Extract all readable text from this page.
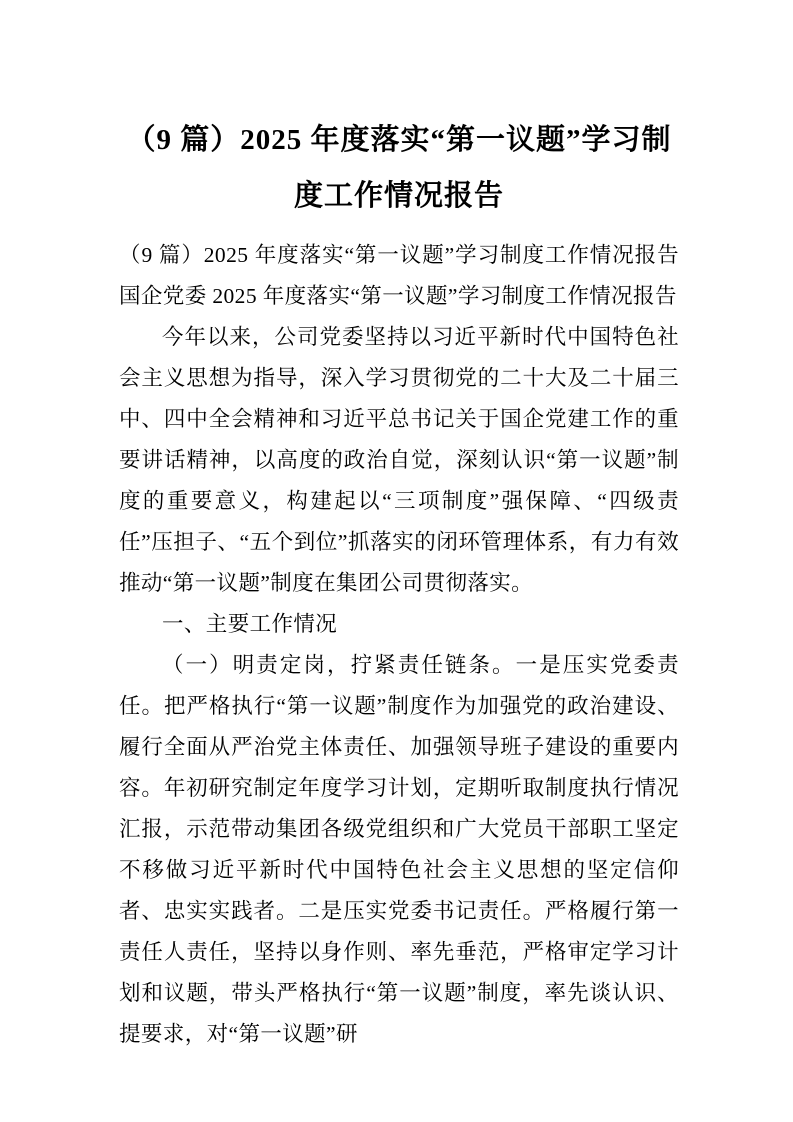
（9 篇）2025 年度落实“第一议题”学习制度工作情况报告

（9 篇）2025 年度落实“第一议题”学习制度工作情况报告国企党委 2025 年度落实“第一议题”学习制度工作情况报告

今年以来，公司党委坚持以习近平新时代中国特色社会主义思想为指导，深入学习贯彻党的二十大及二十届三中、四中全会精神和习近平总书记关于国企党建工作的重要讲话精神，以高度的政治自觉，深刻认识“第一议题”制度的重要意义，构建起以“三项制度”强保障、“四级责任”压担子、“五个到位”抓落实的闭环管理体系，有力有效推动“第一议题”制度在集团公司贯彻落实。

一、主要工作情况

（一）明责定岗，拧紧责任链条。一是压实党委责任。把严格执行“第一议题”制度作为加强党的政治建设、履行全面从严治党主体责任、加强领导班子建设的重要内容。年初研究制定年度学习计划，定期听取制度执行情况汇报，示范带动集团各级党组织和广大党员干部职工坚定不移做习近平新时代中国特色社会主义思想的坚定信仰者、忠实实践者。二是压实党委书记责任。严格履行第一责任人责任，坚持以身作则、率先垂范，严格审定学习计划和议题，带头严格执行“第一议题”制度，率先谈认识、提要求，对“第一议题”研
